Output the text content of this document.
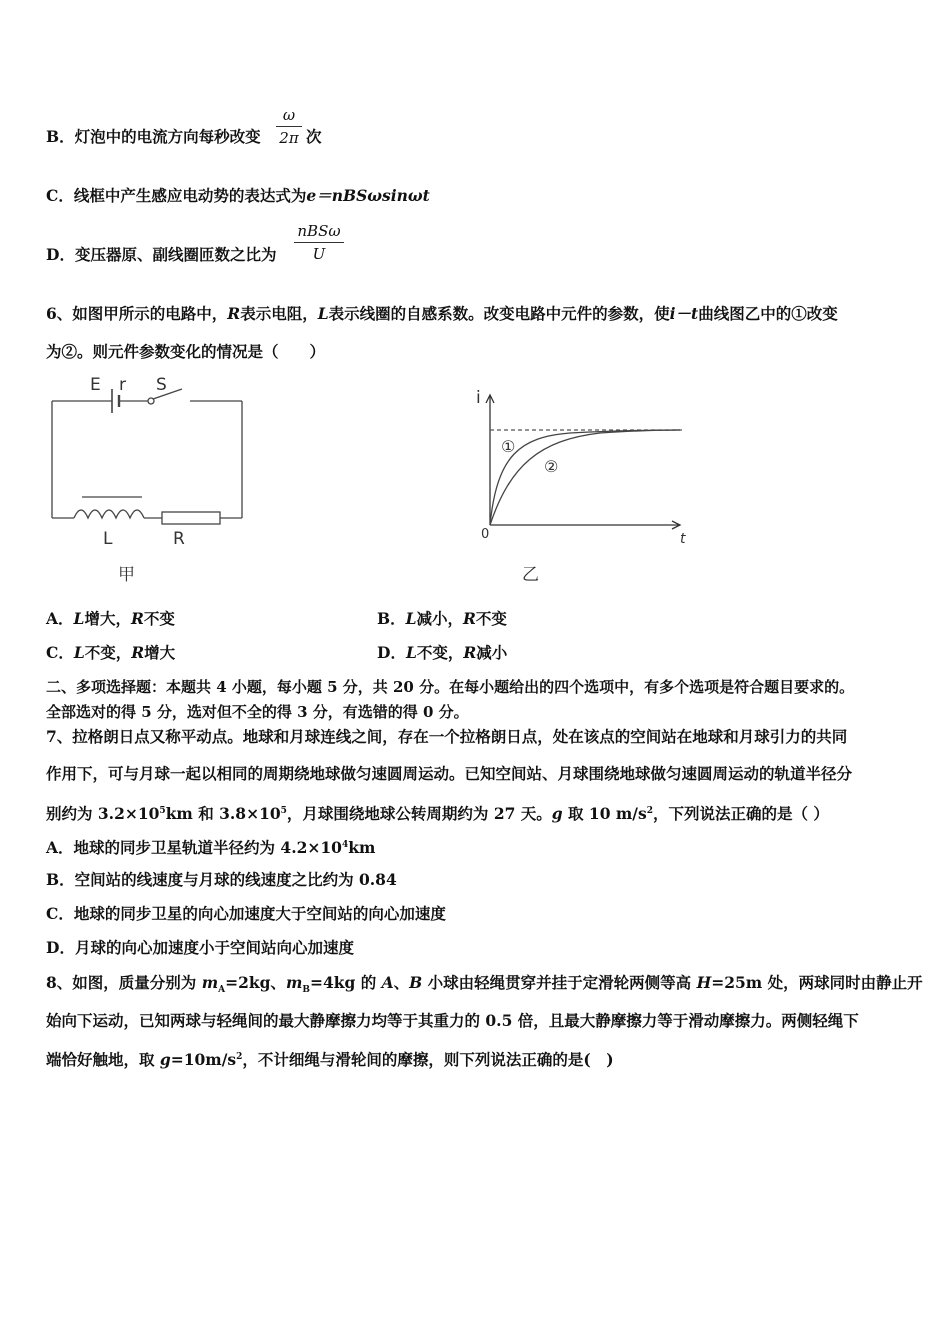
B．灯泡中的电流方向每秒改变
ω
2π 次
C．线框中产生感应电动势的表达式为e＝nBSωsinωt
D．变压器原、副线圈匝数之比为
nBSω
U
6、如图甲所示的电路中，R表示电阻，L表示线圈的自感系数。改变电路中元件的参数，使i－t曲线图乙中的①改变
为②。则元件参数变化的情况是（　　）
E r S
L	R
甲
i
t
0
①
②
乙
A．L增大，R不变	B．L减小，R不变
C．L不变，R增大	D．L不变，R减小
二、多项选择题：本题共 4 小题，每小题 5 分，共 20 分。在每小题给出的四个选项中，有多个选项是符合题目要求的。
全部选对的得 5 分，选对但不全的得 3 分，有选错的得 0 分。
7、拉格朗日点又称平动点。地球和月球连线之间，存在一个拉格朗日点，处在该点的空间站在地球和月球引力的共同
作用下，可与月球一起以相同的周期绕地球做匀速圆周运动。已知空间站、月球围绕地球做匀速圆周运动的轨道半径分
别约为 $3.2\times 10^5km$ 和 $3.8\times 10^5$，月球围绕地球公转周期约为 27 天。g 取 10 $m/s^2$，下列说法正确的是（ ）
A．地球的同步卫星轨道半径约为 $4.2\times 10^4km$
B．空间站的线速度与月球的线速度之比约为 0.84
C．地球的同步卫星的向心加速度大于空间站的向心加速度
D．月球的向心加速度小于空间站向心加速度
8、如图，质量分别为 $m_A=2kg$、$m_B=4kg$ 的 A、B 小球由轻绳贯穿并挂于定滑轮两侧等高 H=25m 处，两球同时由静止开
始向下运动，已知两球与轻绳间的最大静摩擦力均等于其重力的 0.5 倍，且最大静摩擦力等于滑动摩擦力。两侧轻绳下
端恰好触地，取 $g=10m/s^2$，不计细绳与滑轮间的摩擦，则下列说法正确的是(　)
